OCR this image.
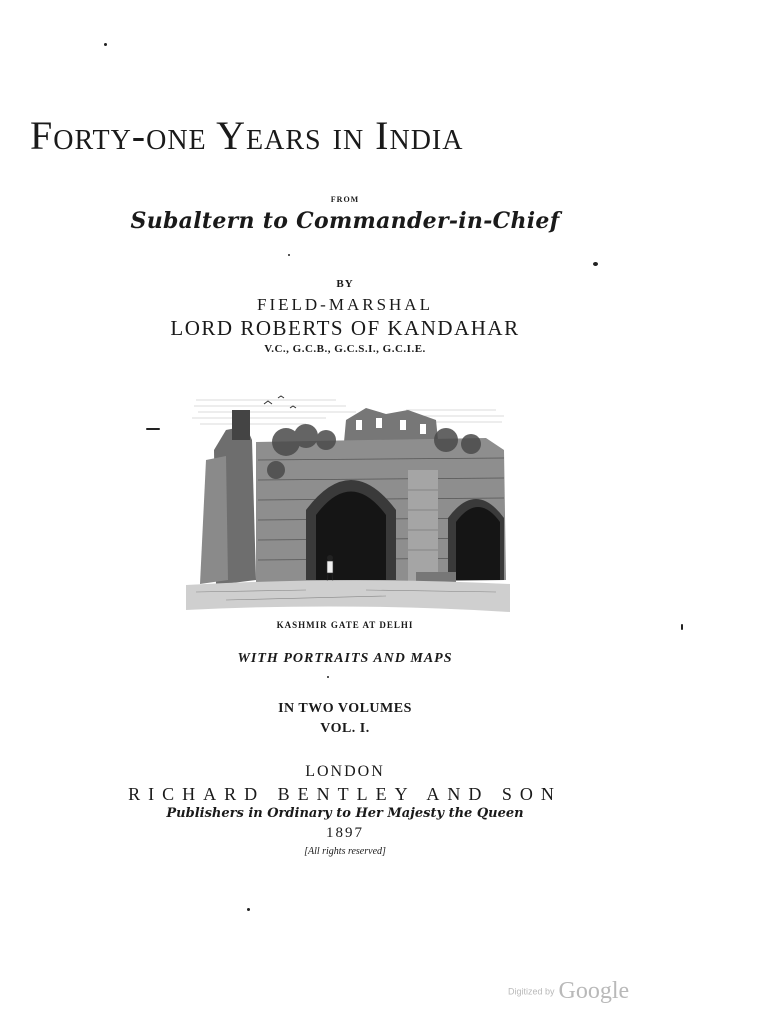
Forty-one Years in India
from
Subaltern to Commander-in-Chief
BY
FIELD-MARSHAL
LORD ROBERTS OF KANDAHAR
V.C., G.C.B., G.C.S.I., G.C.I.E.
KASHMIR GATE AT DELHI
WITH PORTRAITS AND MAPS
IN TWO VOLUMES
VOL. I.
LONDON
RICHARD BENTLEY AND SON
Publishers in Ordinary to Her Majesty the Queen
1897
[All rights reserved]
Digitized by Google
